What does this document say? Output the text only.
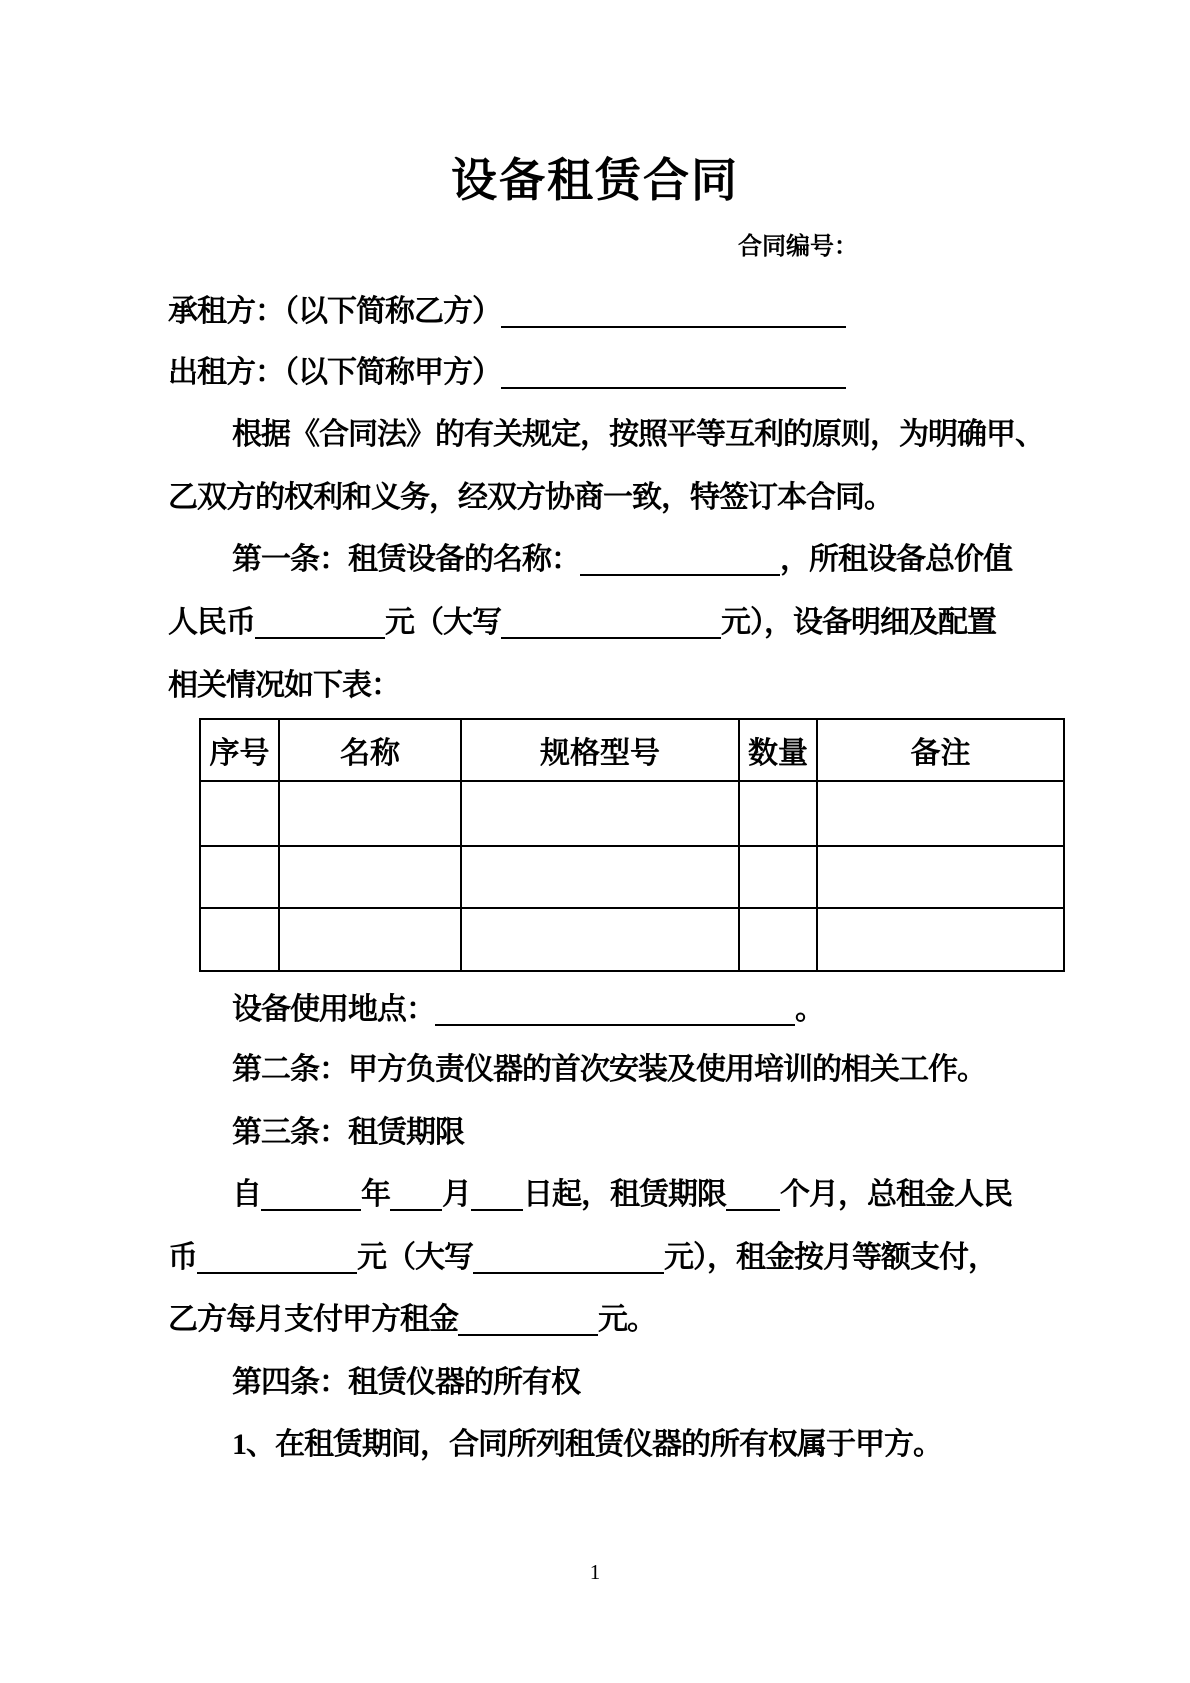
设备租赁合同
合同编号：
承租方：（以下简称乙方）
出租方：（以下简称甲方）
根据《合同法》的有关规定，按照平等互利的原则，为明确甲、
乙双方的权利和义务，经双方协商一致，特签订本合同。
第一条：租赁设备的名称：	，所租设备总价值
人民币	元（大写	元），设备明细及配置
相关情况如下表：
序号	名称	规格型号	数量	备注

设备使用地点：	。
第二条：甲方负责仪器的首次安装及使用培训的相关工作。
第三条：租赁期限
自	年 月 日起，租赁期限 个月，总租金人民
币	元（大写	元），租金按月等额支付，
乙方每月支付甲方租金	元。
第四条：租赁仪器的所有权
1、在租赁期间，合同所列租赁仪器的所有权属于甲方。
1
